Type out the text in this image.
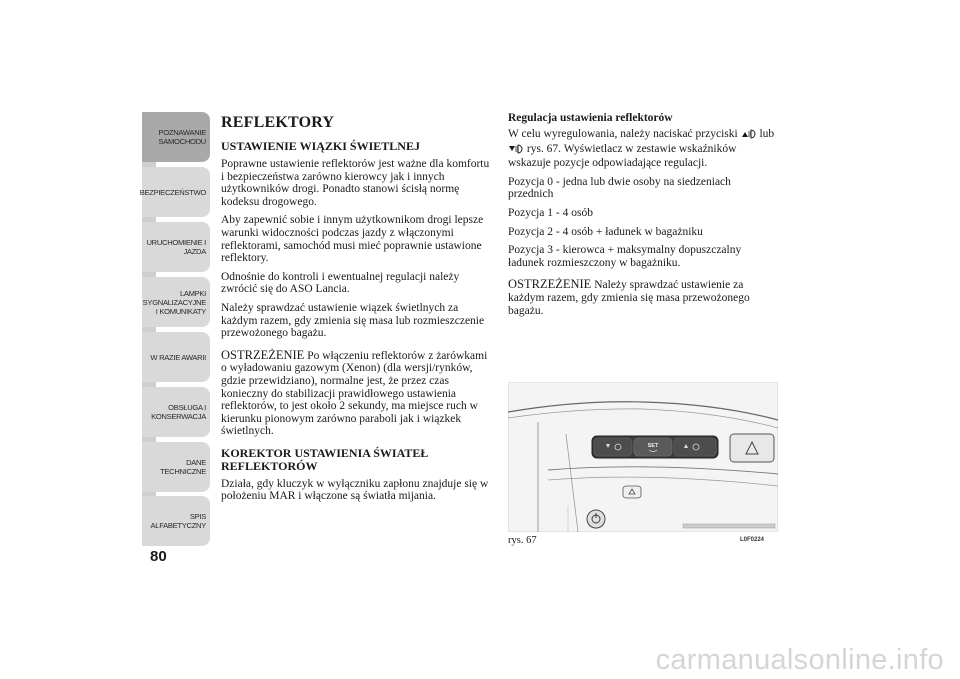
POZNAWANIE
SAMOCHODU
BEZPIECZEŃSTWO
URUCHOMIENIE I
JAZDA
LAMPKI
SYGNALIZACYJNE
I KOMUNIKATY
W RAZIE AWARII
OBSŁUGA I
KONSERWACJA
DANE
TECHNICZNE
SPIS
ALFABETYCZNY
80
REFLEKTORY
USTAWIENIE WIĄZKI ŚWIETLNEJ

Poprawne ustawienie reflektorów jest ważne dla komfortu i bezpieczeństwa zarówno kierowcy jak i innych użytkowników drogi. Ponadto stanowi ścisłą normę kodeksu drogowego.

Aby zapewnić sobie i innym użytkownikom drogi lepsze warunki widoczności podczas jazdy z włączonymi reflektorami, samochód musi mieć poprawnie ustawione reflektory.

Odnośnie do kontroli i ewentualnej regulacji należy zwrócić się do ASO Lancia.

Należy sprawdzać ustawienie wiązek świetlnych za każdym razem, gdy zmienia się masa lub rozmieszczenie przewożonego bagażu.

OSTRZEŻENIE Po włączeniu reflektorów z żarówkami o wyładowaniu gazowym (Xenon) (dla wersji/rynków, gdzie przewidziano), normalne jest, że przez czas konieczny do stabilizacji prawidłowego ustawienia reflektorów, to jest około 2 sekundy, ma miejsce ruch w kierunku pionowym zarówno paraboli jak i wiązkek świetlnych.

KOREKTOR USTAWIENIA ŚWIATEŁ REFLEKTORÓW

Działa, gdy kluczyk w wyłączniku zapłonu znajduje się w położeniu MAR i włączone są światła mijania.

Regulacja ustawienia reflektorów

W celu wyregulowania, należy naciskać przyciski lub  rys. 67. Wyświetlacz w zestawie wskaźników wskazuje pozycje odpowiadające regulacji.

Pozycja 0 - jedna lub dwie osoby na siedzeniach przednich

Pozycja 1 - 4 osób

Pozycja 2 - 4 osób + ładunek w bagażniku

Pozycja 3 - kierowca + maksymalny dopuszczalny ładunek rozmieszczony w bagażniku.

OSTRZEŻENIE Należy sprawdzać ustawienie za każdym razem, gdy zmienia się masa przewożonego bagażu.

SET
rys. 67	L0F0224
carmanualsonline.info
